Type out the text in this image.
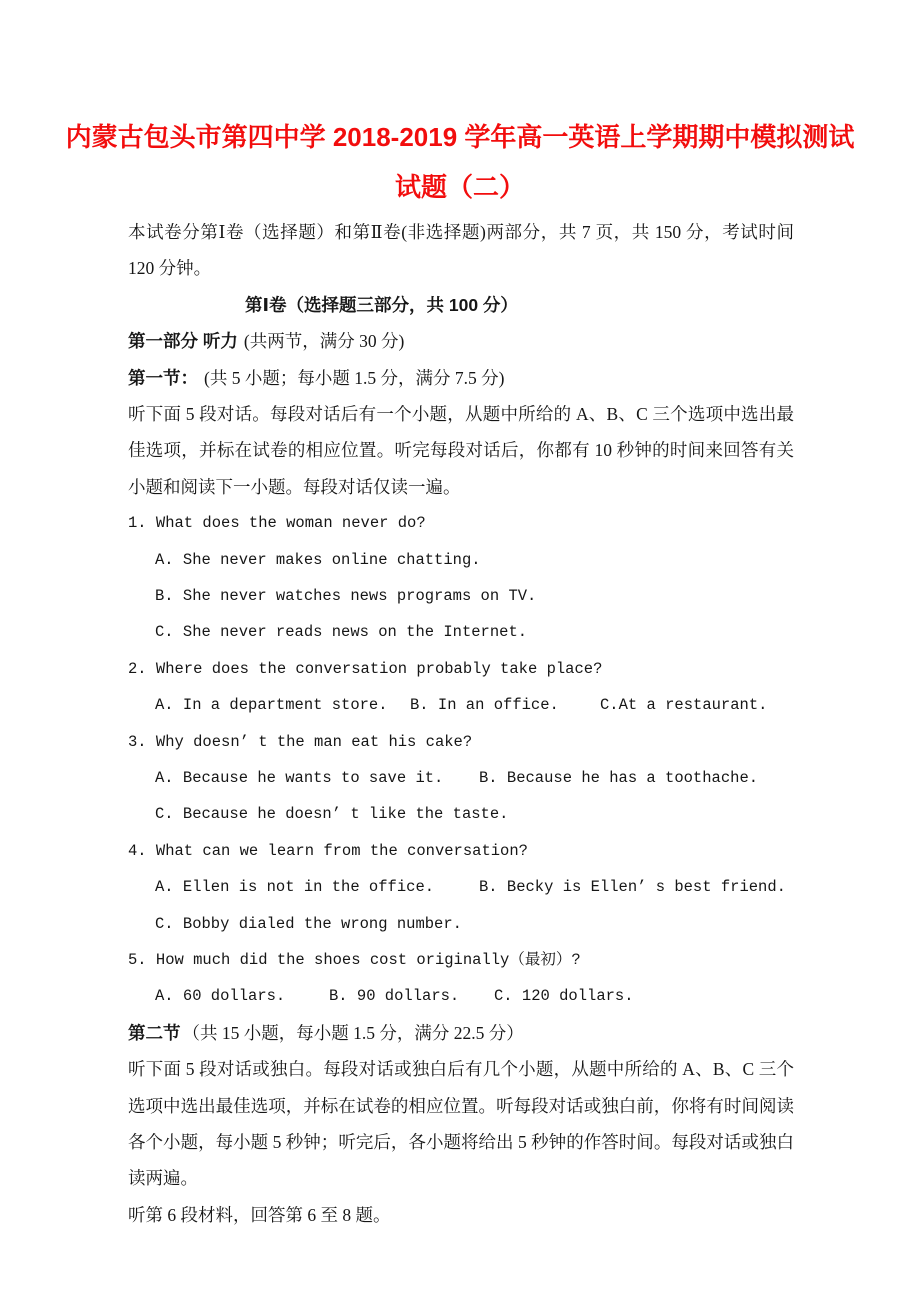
内蒙古包头市第四中学 2018-2019 学年高一英语上学期期中模拟测试
试题（二）

本试卷分第Ⅰ卷（选择题）和第Ⅱ卷(非选择题)两部分，共 7 页，共 150 分，考试时间 120 分钟。

第Ⅰ卷（选择题三部分，共 100 分）
第一部分 听力 (共两节，满分 30 分)
第一节： (共 5 小题；每小题 1.5 分，满分 7.5 分)

听下面 5 段对话。每段对话后有一个小题，从题中所给的 A、B、C 三个选项中选出最佳选项，并标在试卷的相应位置。听完每段对话后，你都有 10 秒钟的时间来回答有关小题和阅读下一小题。每段对话仅读一遍。

1. What does the woman never do?
A. She never makes online chatting.
B. She never watches news programs on TV.
C. She never reads news on the Internet.
2. Where does the conversation probably take place?
A. In a department store. B. In an office.	C.At a restaurant.
3. Why doesn’ t the man eat his cake?
A. Because he wants to save it. B. Because he has a toothache.
C. Because he doesn’ t like the taste.
4. What can we learn from the conversation?
A. Ellen is not in the office.	B. Becky is Ellen’ s best friend.
C. Bobby dialed the wrong number.
5. How much did the shoes cost originally（最初）?
A. 60 dollars.	B. 90 dollars. C. 120 dollars.
第二节 （共 15 小题，每小题 1.5 分，满分 22.5 分）

听下面 5 段对话或独白。每段对话或独白后有几个小题，从题中所给的 A、B、C 三个选项中选出最佳选项，并标在试卷的相应位置。听每段对话或独白前，你将有时间阅读各个小题，每小题 5 秒钟；听完后，各小题将给出 5 秒钟的作答时间。每段对话或独白读两遍。

听第 6 段材料，回答第 6 至 8 题。
